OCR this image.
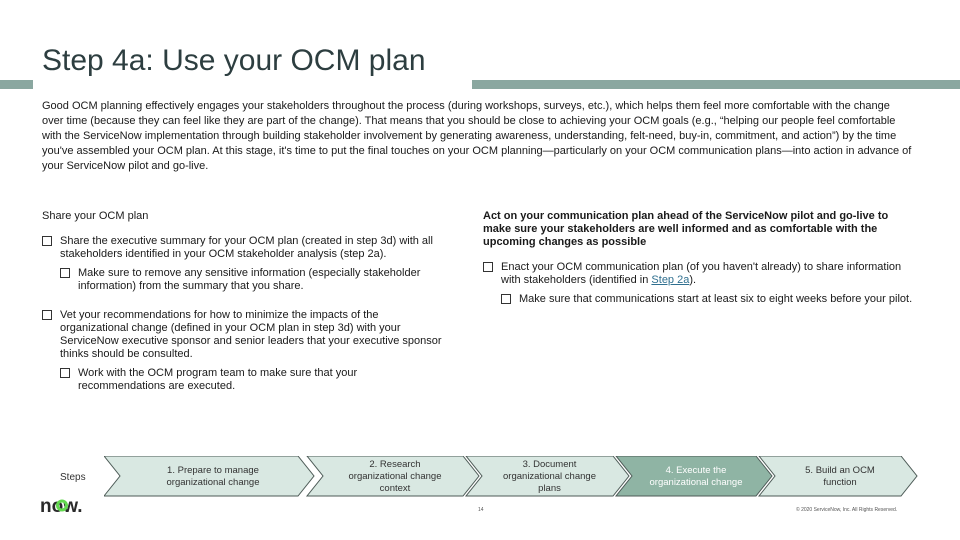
Step 4a: Use your OCM plan

Good OCM planning effectively engages your stakeholders throughout the process (during workshops, surveys, etc.), which helps them feel more comfortable with the change over time (because they can feel like they are part of the change). That means that you should be close to achieving your OCM goals (e.g., “helping our people feel comfortable with the ServiceNow implementation through building stakeholder involvement by generating awareness, understanding, felt-need, buy-in, commitment, and action”) by the time you've assembled your OCM plan. At this stage, it's time to put the final touches on your OCM planning—particularly on your OCM communication plans—into action in advance of your ServiceNow pilot and go-live.

Share your OCM plan
Share the executive summary for your OCM plan (created in step 3d) with all stakeholders identified in your OCM stakeholder analysis (step 2a).
Make sure to remove any sensitive information (especially stakeholder information) from the summary that you share.
Vet your recommendations for how to minimize the impacts of the organizational change (defined in your OCM plan in step 3d) with your ServiceNow executive sponsor and senior leaders that your executive sponsor thinks should be consulted.
Work with the OCM program team to make sure that your recommendations are executed.
Act on your communication plan ahead of the ServiceNow pilot and go-live to make sure your stakeholders are well informed and as comfortable with the upcoming changes as possible
Enact your OCM communication plan (of you haven't already) to share information with stakeholders (identified in Step 2a).
Make sure that communications start at least six to eight weeks before your pilot.
Steps
1. Prepare to manage organizational change
2. Research organizational change context
3. Document organizational change plans
4. Execute the organizational change
5. Build an OCM function
now.	14	© 2020 ServiceNow, Inc. All Rights Reserved.
